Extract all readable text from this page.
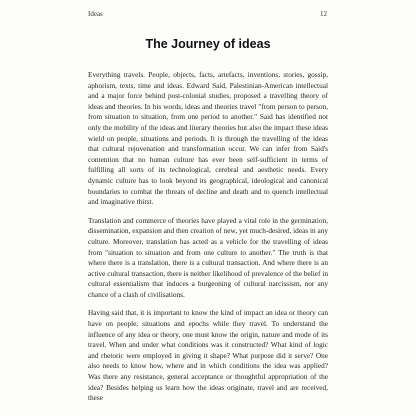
Ideas	12
The Journey of ideas

Everything travels. People, objects, facts, artefacts, inventions, stories, gossip, aphorism, texts, time and ideas. Edward Said, Palestinian-American intellectual and a major force behind post-colonial studies, proposed a travelling theory of ideas and theories. In his words, ideas and theories travel "from person to person, from situation to situation, from one period to another." Said has identified not only the mobility of the ideas and literary theories but also the impact these ideas wield on people, situations and periods. It is through the travelling of the ideas that cultural rejuvenation and transformation occur. We can infer from Said's contention that no human culture has ever been self-sufficient in terms of fulfilling all sorts of its technological, cerebral and aesthetic needs. Every dynamic culture has to look beyond its geographical, ideological and canonical boundaries to combat the threats of decline and death and to quench intellectual and imaginative thirst.

Translation and commerce of theories have played a vital role in the germination, dissemination, expansion and then creation of new, yet much-desired, ideas in any culture. Moreover, translation has acted as a vehicle for the travelling of ideas from "situation to situation and from one culture to another." The truth is that where there is a translation, there is a cultural transaction. And where there is an active cultural transaction, there is neither likelihood of prevalence of the belief in cultural essentialism that induces a burgeoning of cultural narcissism, nor any chance of a clash of civilisations.

Having said that, it is important to know the kind of impact an idea or theory can have on people, situations and epochs while they travel. To understand the influence of any idea or theory, one must know the origin, nature and mode of its travel. When and under what conditions was it constructed? What kind of logic and rhetoric were employed in giving it shape? What purpose did it serve? One also needs to know how, where and in which conditions the idea was applied? Was there any resistance, general acceptance or thoughtful appropriation of the idea? Besides helping us learn how the ideas originate, travel and are received, these
